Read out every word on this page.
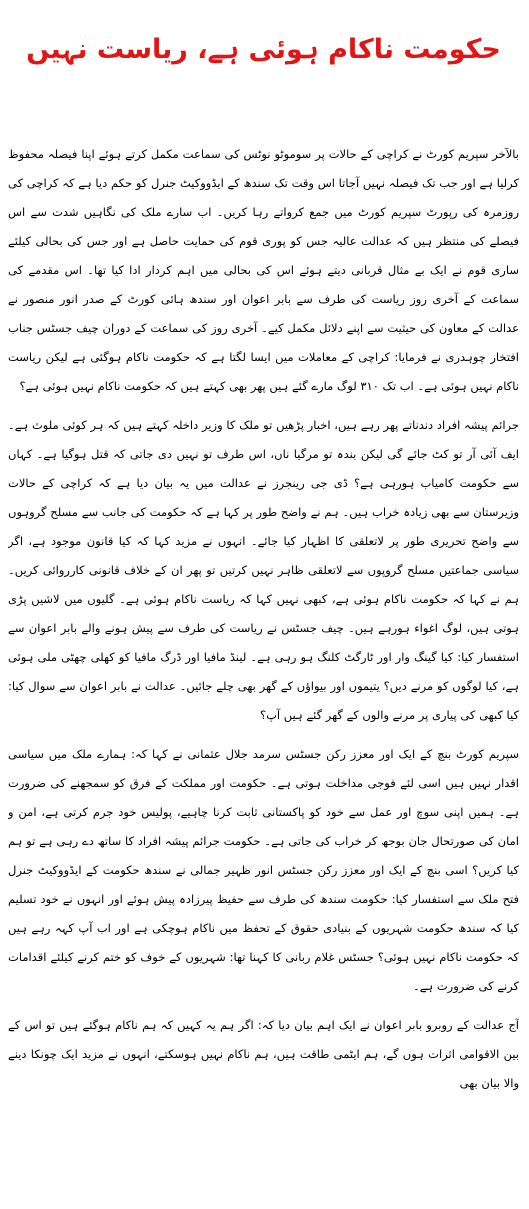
حکومت ناکام ہوئی ہے، ریاست نہیں

بالآخر سپریم کورٹ نے کراچی کے حالات پر سوموٹو نوٹس کی سماعت مکمل کرتے ہوئے اپنا فیصلہ محفوظ کرلیا ہے اور جب تک فیصلہ نہیں آجاتا اس وقت تک سندھ کے ایڈووکیٹ جنرل کو حکم دیا ہے کہ کراچی کی روزمرہ کی رپورٹ سپریم کورٹ میں جمع کرواتے رہا کریں۔ اب سارے ملک کی نگاہیں شدت سے اس فیصلے کی منتظر ہیں کہ عدالت عالیہ جس کو پوری قوم کی حمایت حاصل ہے اور جس کی بحالی کیلئے ساری قوم نے ایک بے مثال قربانی دیتے ہوئے اس کی بحالی میں اہم کردار ادا کیا تھا۔ اس مقدمے کی سماعت کے آخری روز ریاست کی طرف سے بابر اعوان اور سندھ ہائی کورٹ کے صدر انور منصور نے عدالت کے معاون کی حیثیت سے اپنے دلائل مکمل کیے۔ آخری روز کی سماعت کے دوران چیف جسٹس جناب افتخار چوہدری نے فرمایا: کراچی کے معاملات میں ایسا لگتا ہے کہ حکومت ناکام ہوگئی ہے لیکن ریاست ناکام نہیں ہوئی ہے۔ اب تک ۳۱۰ لوگ مارے گئے ہیں پھر بھی کہتے ہیں کہ حکومت ناکام نہیں ہوئی ہے؟

جرائم پیشہ افراد دندناتے پھر رہے ہیں، اخبار پڑھیں تو ملک کا وزیر داخلہ کہتے ہیں کہ ہر کوئی ملوث ہے۔ ایف آئی آر تو کٹ جائے گی لیکن بندہ تو مرگیا ناں، اس طرف تو نہیں دی جاتی کہ قتل ہوگیا ہے۔ کہاں سے حکومت کامیاب ہورہی ہے؟ ڈی جی رینجرز نے عدالت میں یہ بیان دیا ہے کہ کراچی کے حالات وزیرستان سے بھی زیادہ خراب ہیں۔ ہم نے واضح طور پر کہا ہے کہ حکومت کی جانب سے مسلح گروہوں سے واضح تحریری طور پر لاتعلقی کا اظہار کیا جائے۔ انہوں نے مزید کہا کہ کیا قانون موجود ہے، اگر سیاسی جماعتیں مسلح گروپوں سے لاتعلقی ظاہر نہیں کرتیں تو پھر ان کے خلاف قانونی کارروائی کریں۔ ہم نے کہا کہ حکومت ناکام ہوئی ہے، کبھی نہیں کہا کہ ریاست ناکام ہوئی ہے۔ گلیوں میں لاشیں پڑی ہوتی ہیں، لوگ اغواء ہورہے ہیں۔ چیف جسٹس نے ریاست کی طرف سے پیش ہونے والے بابر اعوان سے استفسار کیا: کیا گینگ وار اور ٹارگٹ کلنگ ہو رہی ہے۔ لینڈ مافیا اور ڈرگ مافیا کو کھلی چھٹی ملی ہوئی ہے، کیا لوگوں کو مرنے دیں؟ یتیموں اور بیواؤں کے گھر بھی چلے جائیں۔ عدالت نے بابر اعوان سے سوال کیا: کیا کبھی کی پیاری پر مرنے والوں کے گھر گئے ہیں آپ؟

سپریم کورٹ بنچ کے ایک اور معزز رکن جسٹس سرمد جلال عثمانی نے کہا کہ: ہمارے ملک میں سیاسی اقدار نہیں ہیں اسی لئے فوجی مداخلت ہوتی ہے۔ حکومت اور مملکت کے فرق کو سمجھنے کی ضرورت ہے۔ ہمیں اپنی سوچ اور عمل سے خود کو پاکستانی ثابت کرنا چاہیے، پولیس خود جرم کرتی ہے، امن و امان کی صورتحال جان بوجھ کر خراب کی جاتی ہے۔ حکومت جرائم پیشہ افراد کا ساتھ دے رہی ہے تو ہم کیا کریں؟ اسی بنچ کے ایک اور معزز رکن جسٹس انور ظہیر جمالی نے سندھ حکومت کے ایڈووکیٹ جنرل فتح ملک سے استفسار کیا: حکومت سندھ کی طرف سے حفیظ پیرزادہ پیش ہوئے اور انہوں نے خود تسلیم کیا کہ سندھ حکومت شہریوں کے بنیادی حقوق کے تحفظ میں ناکام ہوچکی ہے اور اب آپ کہہ رہے ہیں کہ حکومت ناکام نہیں ہوئی؟ جسٹس غلام ربانی کا کہنا تھا: شہریوں کے خوف کو ختم کرنے کیلئے اقدامات کرنے کی ضرورت ہے۔

آج عدالت کے روبرو بابر اعوان نے ایک اہم بیان دیا کہ: اگر ہم یہ کہیں کہ ہم ناکام ہوگئے ہیں تو اس کے بین الاقوامی اثرات ہوں گے، ہم ایٹمی طاقت ہیں، ہم ناکام نہیں ہوسکتے، انہوں نے مزید ایک چونکا دینے والا بیان بھی
